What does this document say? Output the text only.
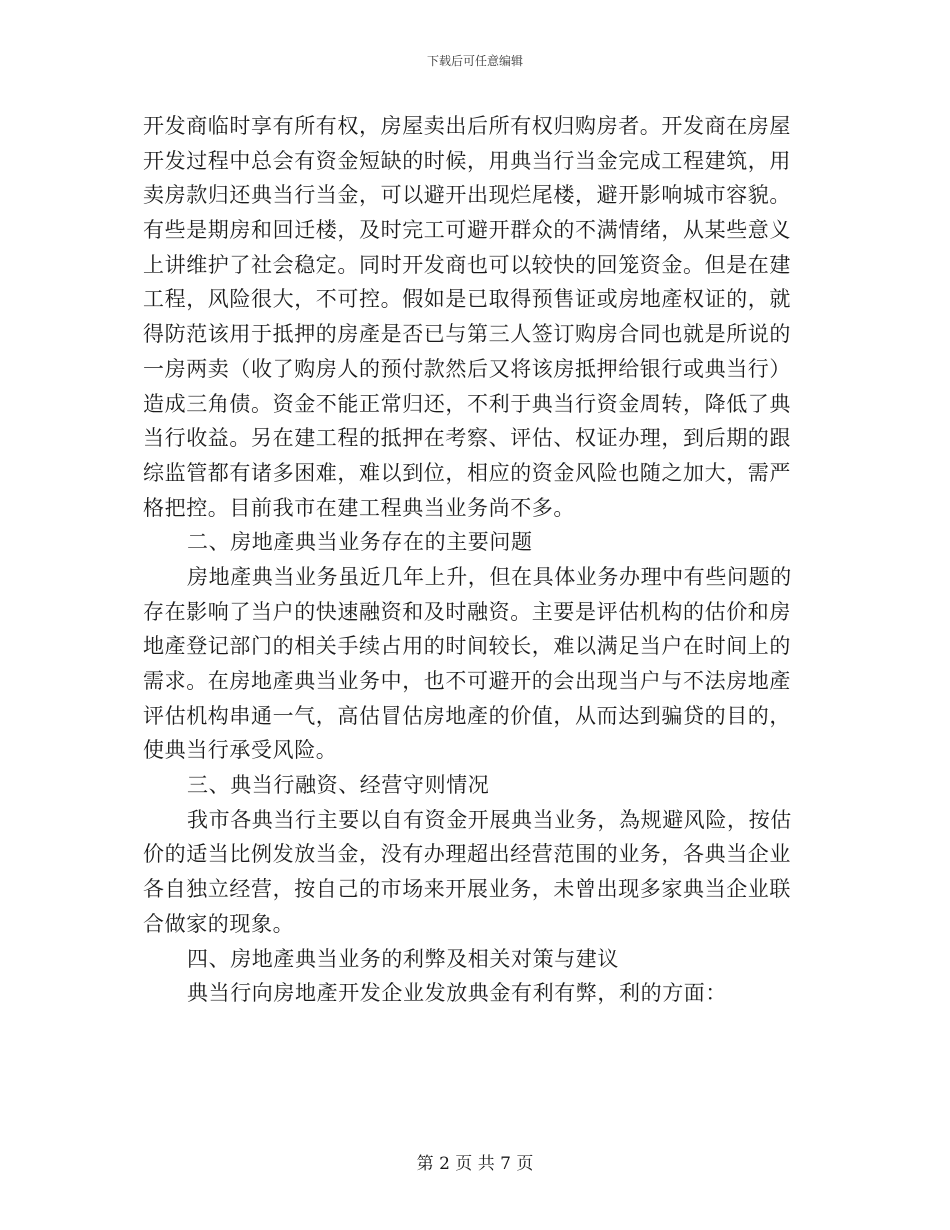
下载后可任意编辑
开发商临时享有所有权，房屋卖出后所有权归购房者。开发商在房屋
开发过程中总会有资金短缺的时候，用典当行当金完成工程建筑，用
卖房款归还典当行当金，可以避开出现烂尾楼，避开影响城市容貌。
有些是期房和回迁楼，及时完工可避开群众的不满情绪，从某些意义
上讲维护了社会稳定。同时开发商也可以较快的回笼资金。但是在建
工程，风险很大，不可控。假如是已取得预售证或房地產权证的，就
得防范该用于抵押的房產是否已与第三人签订购房合同也就是所说的
一房两卖（收了购房人的预付款然后又将该房抵押给银行或典当行）
造成三角债。资金不能正常归还，不利于典当行资金周转，降低了典
当行收益。另在建工程的抵押在考察、评估、权证办理，到后期的跟
综监管都有诸多困难，难以到位，相应的资金风险也随之加大，需严
格把控。目前我市在建工程典当业务尚不多。
二、房地產典当业务存在的主要问题
房地產典当业务虽近几年上升，但在具体业务办理中有些问题的
存在影响了当户的快速融资和及时融资。主要是评估机构的估价和房
地產登记部门的相关手续占用的时间较长，难以满足当户在时间上的
需求。在房地產典当业务中，也不可避开的会出现当户与不法房地產
评估机构串通一气，高估冒估房地產的价值，从而达到骗贷的目的，
使典当行承受风险。
三、典当行融资、经营守则情况
我市各典当行主要以自有资金开展典当业务，為规避风险，按估
价的适当比例发放当金，没有办理超出经营范围的业务，各典当企业
各自独立经营，按自己的市场来开展业务，未曾出现多家典当企业联
合做家的现象。
四、房地產典当业务的利弊及相关对策与建议
典当行向房地產开发企业发放典金有利有弊，利的方面：
第 2 页 共 7 页
